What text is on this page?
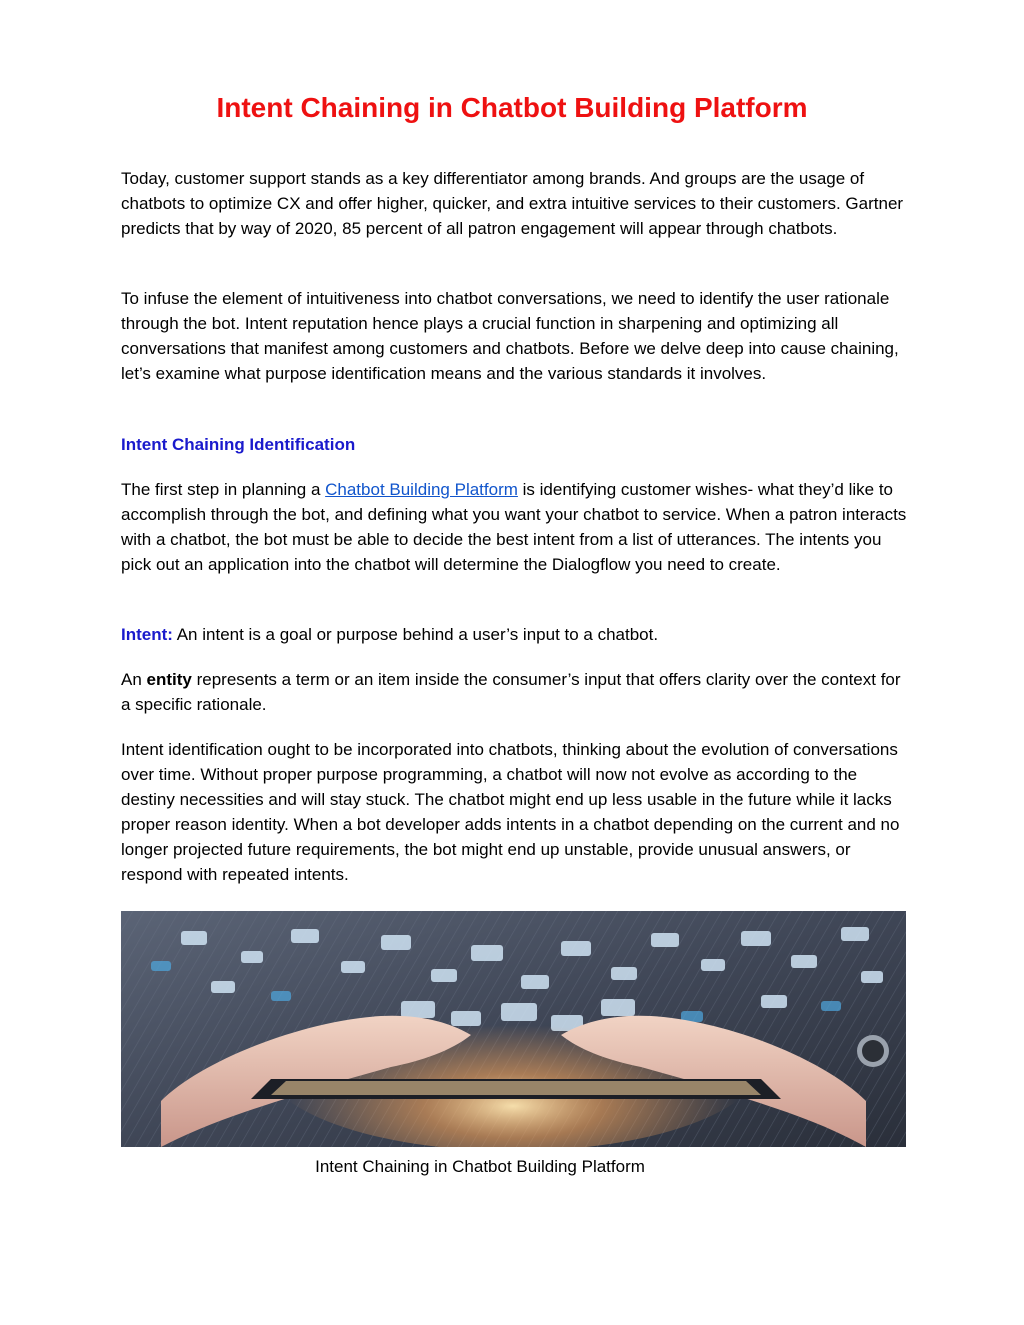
Intent Chaining in Chatbot Building Platform

Today, customer support stands as a key differentiator among brands. And groups are the usage of chatbots to optimize CX and offer higher, quicker, and extra intuitive services to their customers. Gartner predicts that by way of 2020, 85 percent of all patron engagement will appear through chatbots.

To infuse the element of intuitiveness into chatbot conversations, we need to identify the user rationale through the bot. Intent reputation hence plays a crucial function in sharpening and optimizing all conversations that manifest among customers and chatbots. Before we delve deep into cause chaining, let’s examine what purpose identification means and the various standards it involves.

Intent Chaining Identification

The first step in planning a Chatbot Building Platform is identifying customer wishes- what they’d like to accomplish through the bot, and defining what you want your chatbot to service. When a patron interacts with a chatbot, the bot must be able to decide the best intent from a list of utterances. The intents you pick out an application into the chatbot will determine the Dialogflow you need to create.

Intent: An intent is a goal or purpose behind a user’s input to a chatbot.

An entity represents a term or an item inside the consumer’s input that offers clarity over the context for a specific rationale.

Intent identification ought to be incorporated into chatbots, thinking about the evolution of conversations over time. Without proper purpose programming, a chatbot will now not evolve as according to the destiny necessities and will stay stuck. The chatbot might end up less usable in the future while it lacks proper reason identity. When a bot developer adds intents in a chatbot depending on the current and no longer projected future requirements, the bot might end up unstable, provide unusual answers, or respond with repeated intents.

Intent Chaining in Chatbot Building Platform
